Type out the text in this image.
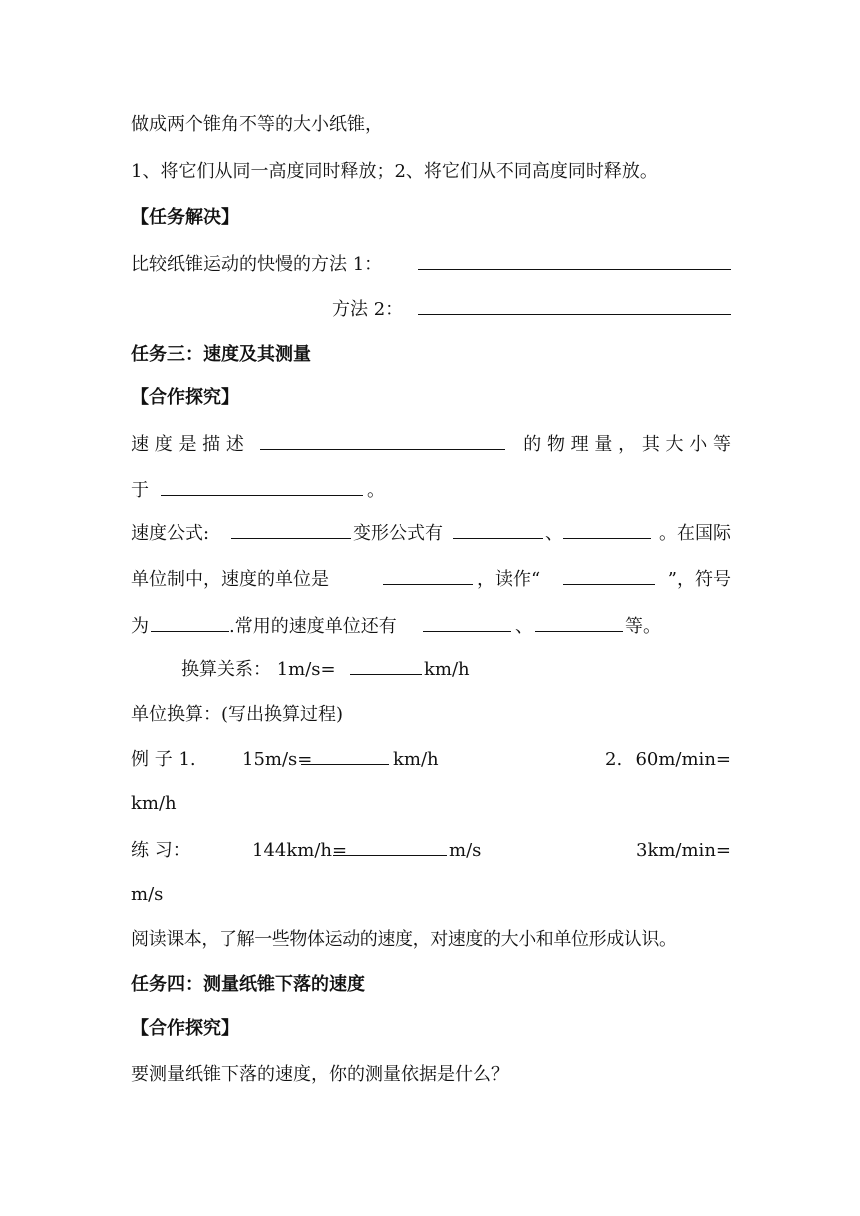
做成两个锥角不等的大小纸锥，
1、将它们从同一高度同时释放；2、将它们从不同高度同时释放。
【任务解决】
比较纸锥运动的快慢的方法 1：
方法 2：
任务三：速度及其测量
【合作探究】
速 度 是 描 述	的 物 理 量 ， 其 大 小 等
于	。
速度公式:	变形公式有	、	。在国际
单位制中，速度的单位是	，读作“	”，符号
为	.常用的速度单位还有	、	等。
换算关系： 1m/s=	km/h
单位换算：(写出换算过程)
例 子 1.	15m/s=	km/h	2. 60m/min=
km/h
练 习：	144km/h=	m/s	3km/min=
m/s
阅读课本，了解一些物体运动的速度，对速度的大小和单位形成认识。
任务四：测量纸锥下落的速度
【合作探究】
要测量纸锥下落的速度，你的测量依据是什么？
